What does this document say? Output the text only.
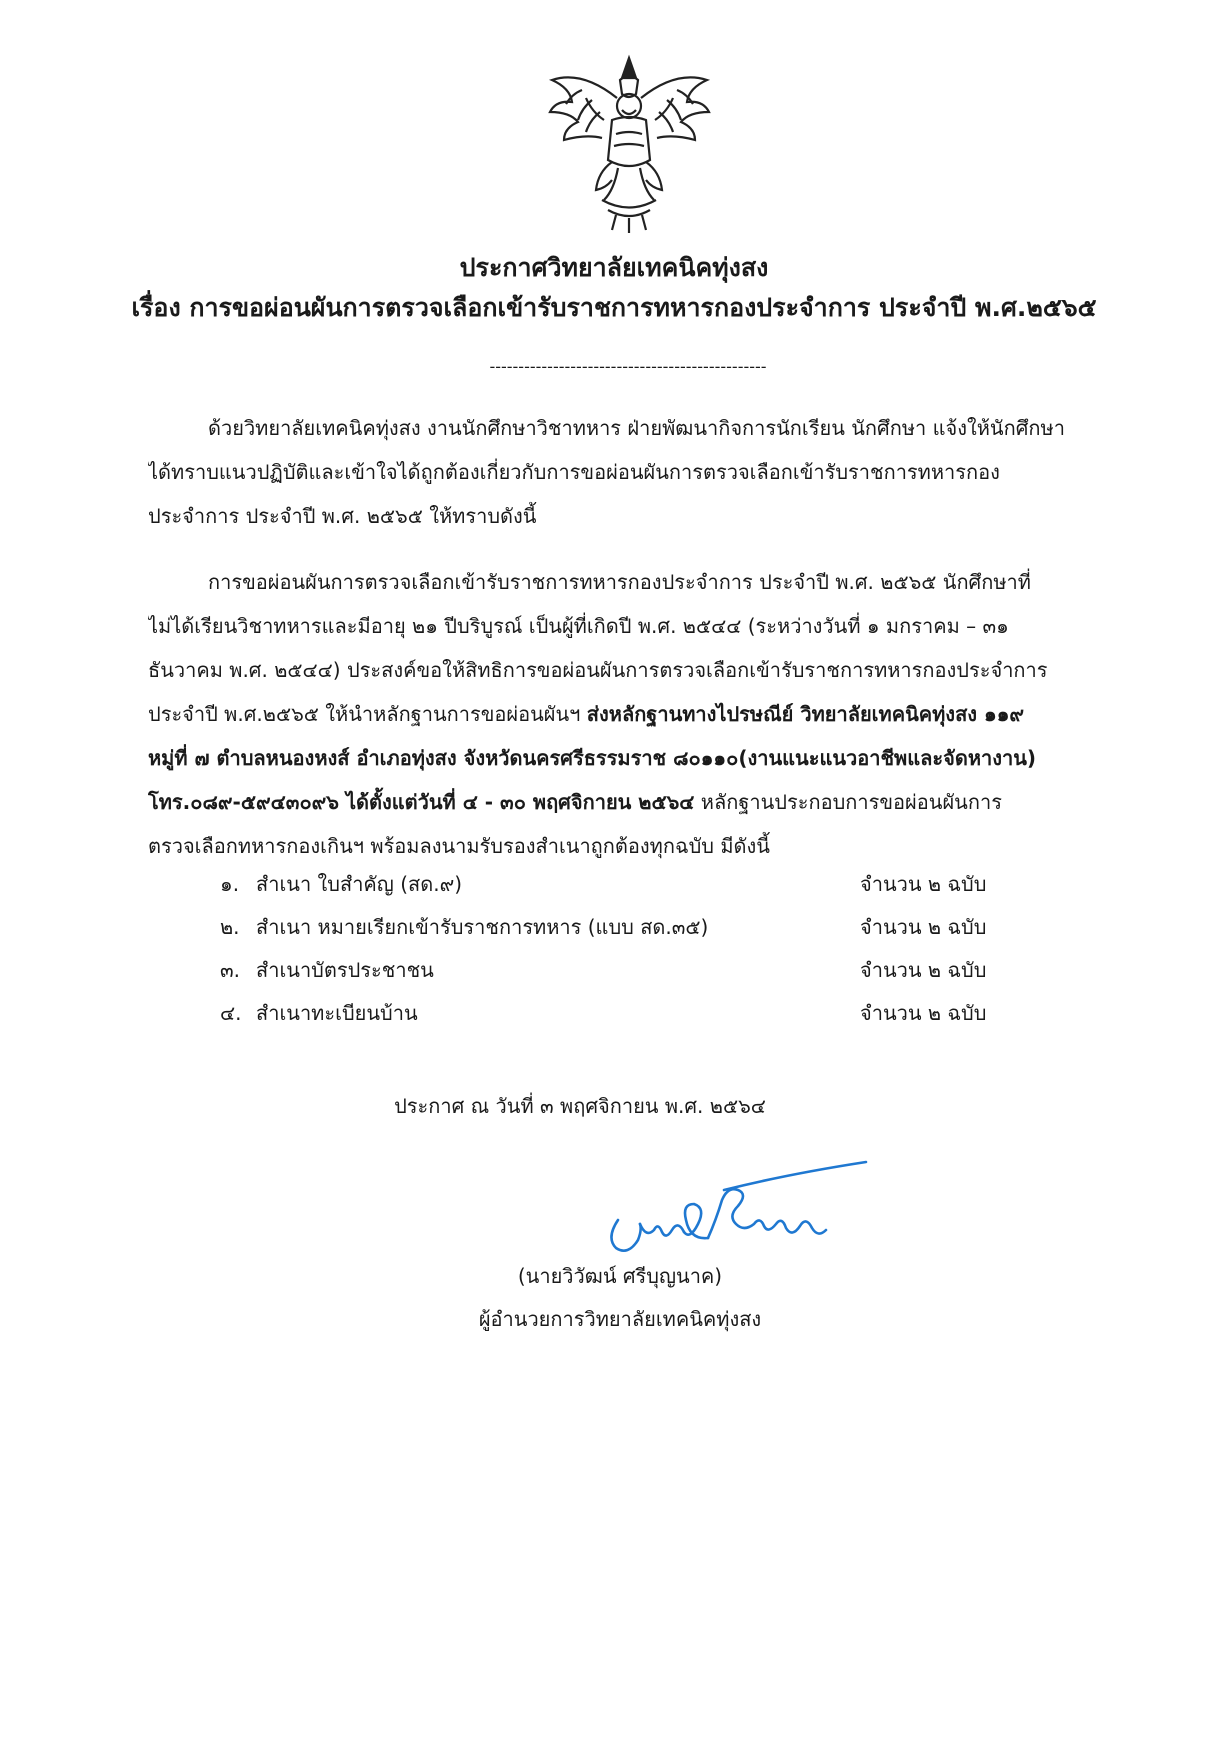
ประกาศวิทยาลัยเทคนิคทุ่งสง
เรื่อง การขอผ่อนผันการตรวจเลือกเข้ารับราชการทหารกองประจำการ ประจำปี พ.ศ.๒๕๖๕
------------------------------------------------
ด้วยวิทยาลัยเทคนิคทุ่งสง งานนักศึกษาวิชาทหาร ฝ่ายพัฒนากิจการนักเรียน นักศึกษา แจ้งให้นักศึกษา
ได้ทราบแนวปฏิบัติและเข้าใจได้ถูกต้องเกี่ยวกับการขอผ่อนผันการตรวจเลือกเข้ารับราชการทหารกอง
ประจำการ ประจำปี พ.ศ. ๒๕๖๕ ให้ทราบดังนี้
การขอผ่อนผันการตรวจเลือกเข้ารับราชการทหารกองประจำการ ประจำปี พ.ศ. ๒๕๖๕ นักศึกษาที่
ไม่ได้เรียนวิชาทหารและมีอายุ ๒๑ ปีบริบูรณ์ เป็นผู้ที่เกิดปี พ.ศ. ๒๕๔๔ (ระหว่างวันที่ ๑ มกราคม – ๓๑
ธันวาคม พ.ศ. ๒๕๔๔) ประสงค์ขอให้สิทธิการขอผ่อนผันการตรวจเลือกเข้ารับราชการทหารกองประจำการ
ประจำปี พ.ศ.๒๕๖๕ ให้นำหลักฐานการขอผ่อนผันฯ ส่งหลักฐานทางไปรษณีย์ วิทยาลัยเทคนิคทุ่งสง ๑๑๙
หมู่ที่ ๗ ตำบลหนองหงส์ อำเภอทุ่งสง จังหวัดนครศรีธรรมราช ๘๐๑๑๐(งานแนะแนวอาชีพและจัดหางาน)
โทร.๐๘๙-๕๙๔๓๐๙๖ ได้ตั้งแต่วันที่ ๔ - ๓๐ พฤศจิกายน ๒๕๖๔ หลักฐานประกอบการขอผ่อนผันการ
ตรวจเลือกทหารกองเกินฯ พร้อมลงนามรับรองสำเนาถูกต้องทุกฉบับ มีดังนี้
๑. สำเนา ใบสำคัญ (สด.๙)	จำนวน ๒ ฉบับ
๒. สำเนา หมายเรียกเข้ารับราชการทหาร (แบบ สด.๓๕)	จำนวน ๒ ฉบับ
๓. สำเนาบัตรประชาชน	จำนวน ๒ ฉบับ
๔. สำเนาทะเบียนบ้าน	จำนวน ๒ ฉบับ
ประกาศ ณ วันที่ ๓ พฤศจิกายน พ.ศ. ๒๕๖๔
(นายวิวัฒน์ ศรีบุญนาค)
ผู้อำนวยการวิทยาลัยเทคนิคทุ่งสง
